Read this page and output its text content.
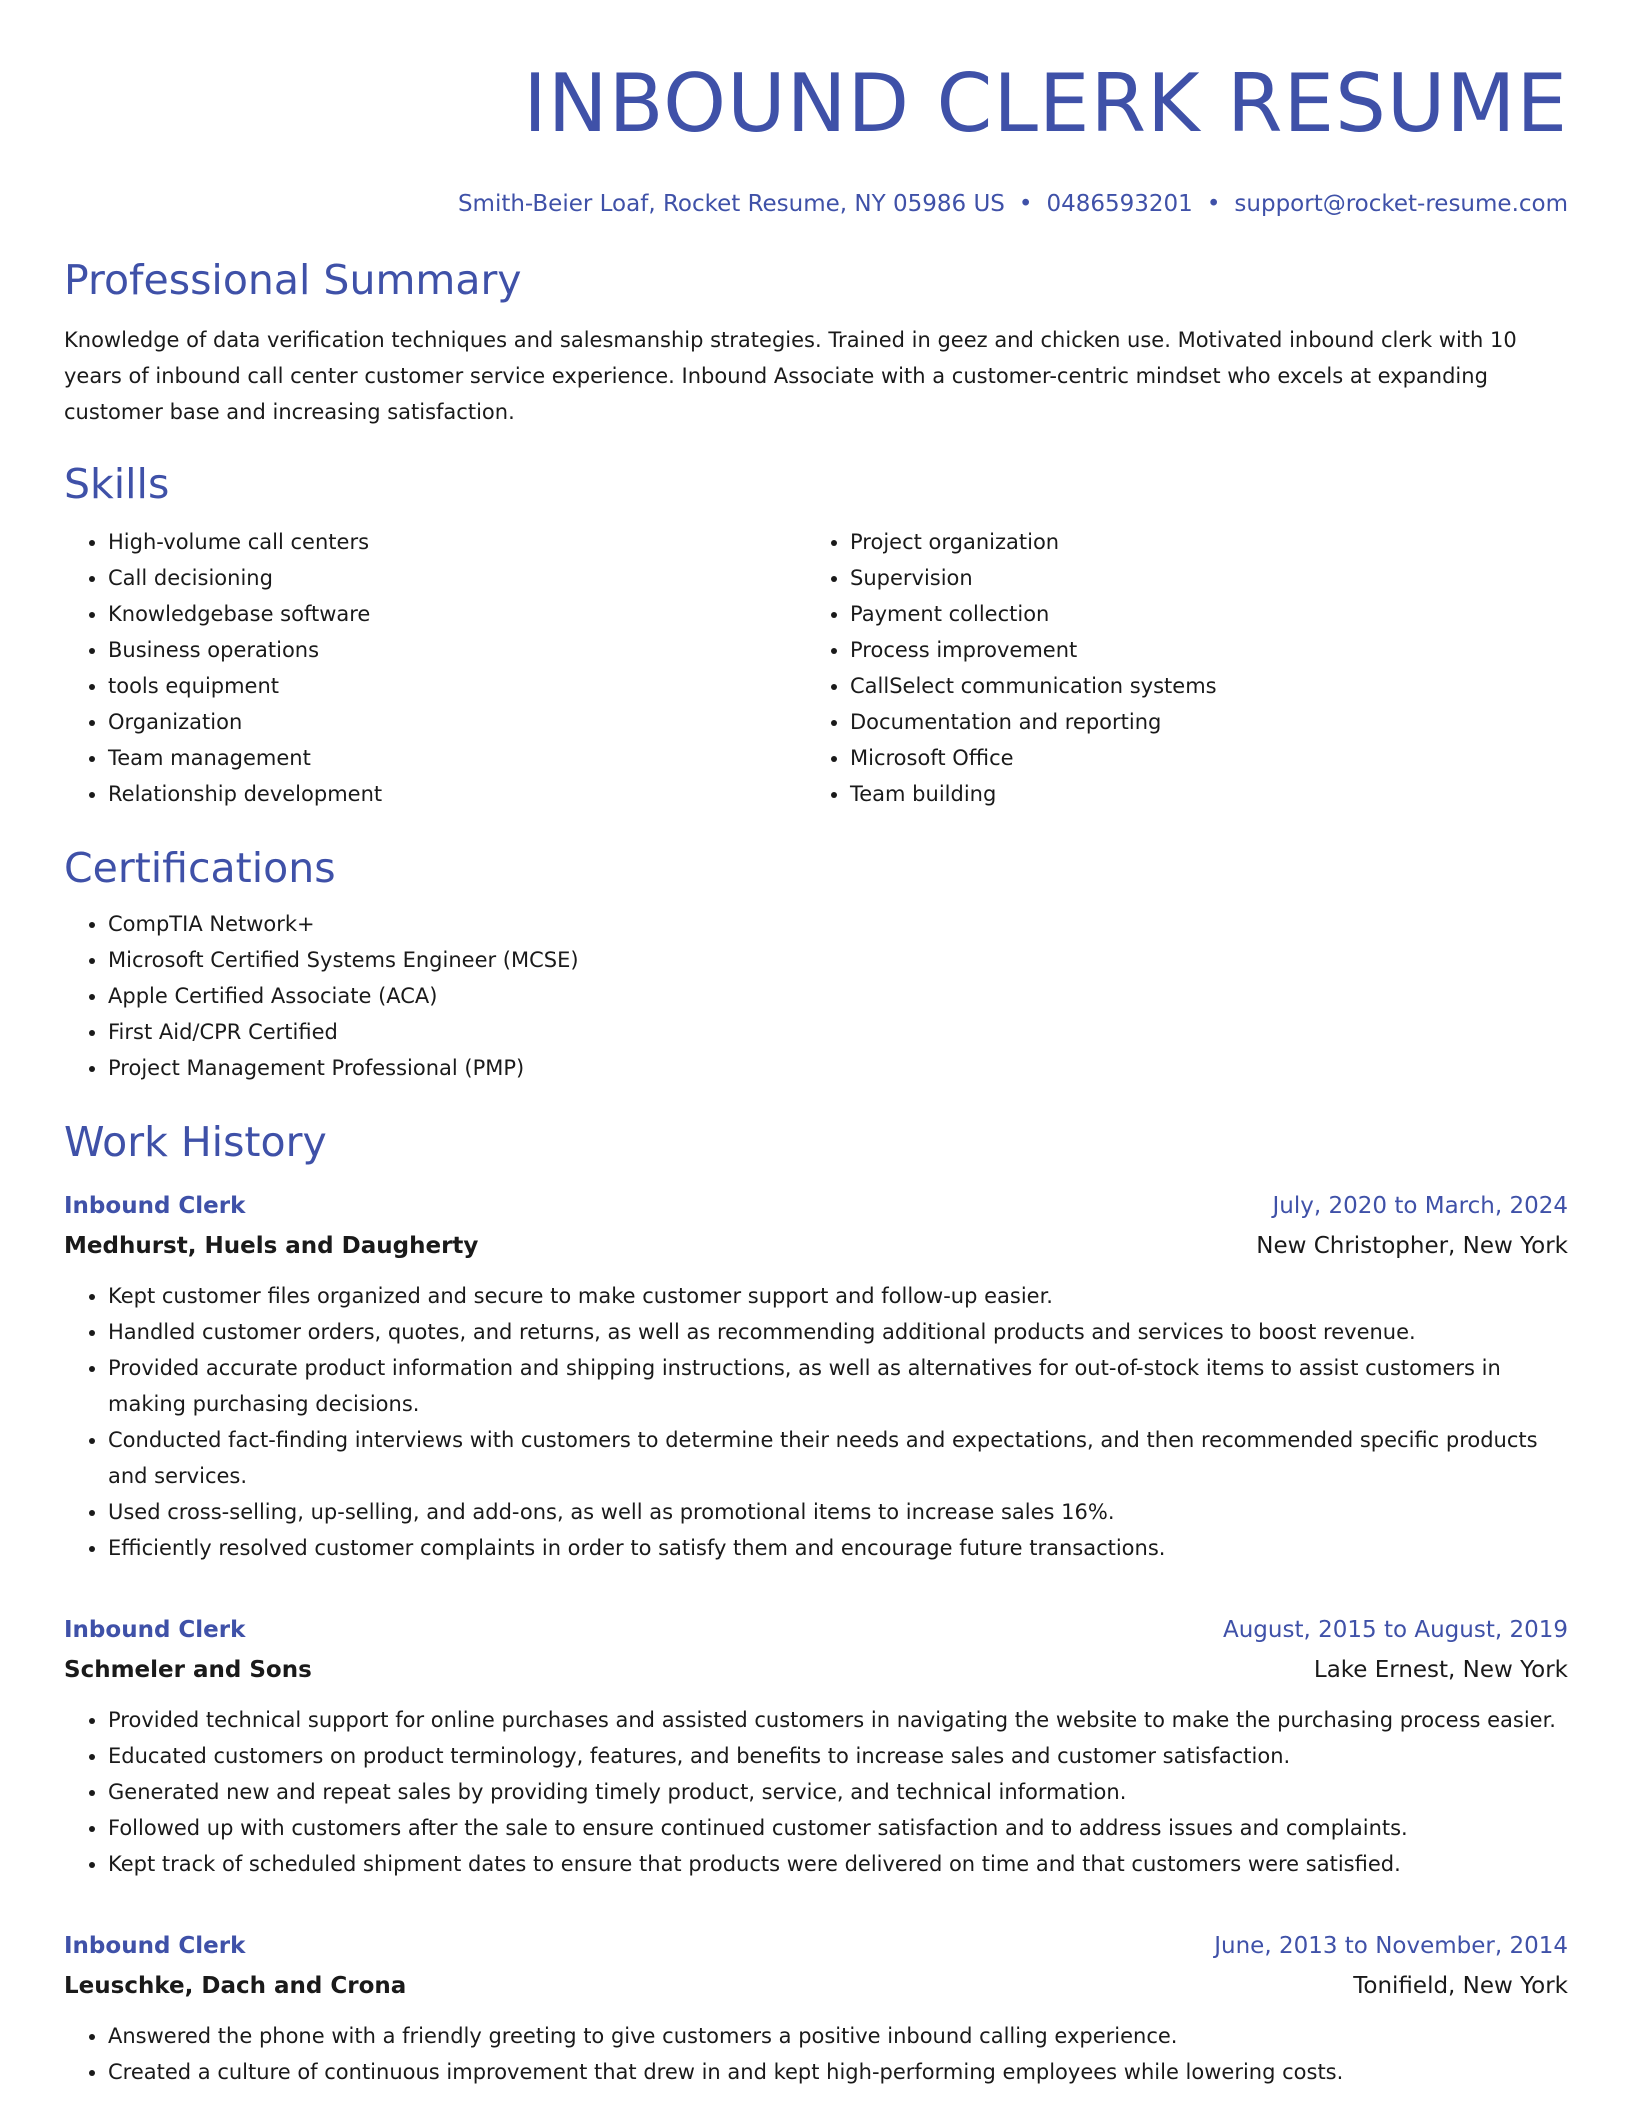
INBOUND CLERK RESUME
Smith-Beier Loaf, Rocket Resume, NY 05986 US • 0486593201 • support@rocket-resume.com
Professional Summary
Knowledge of data verification techniques and salesmanship strategies. Trained in geez and chicken use. Motivated inbound clerk with 10 years of inbound call center customer service experience. Inbound Associate with a customer-centric mindset who excels at expanding customer base and increasing satisfaction.
Skills
• High-volume call centers
• Call decisioning
• Knowledgebase software
• Business operations
• tools equipment
• Organization
• Team management
• Relationship development
• Project organization
• Supervision
• Payment collection
• Process improvement
• CallSelect communication systems
• Documentation and reporting
• Microsoft Office
• Team building
Certifications
• CompTIA Network+
• Microsoft Certified Systems Engineer (MCSE)
• Apple Certified Associate (ACA)
• First Aid/CPR Certified
• Project Management Professional (PMP)
Work History
Inbound Clerk	July, 2020 to March, 2024
Medhurst, Huels and Daugherty	New Christopher, New York
• Kept customer files organized and secure to make customer support and follow-up easier.
• Handled customer orders, quotes, and returns, as well as recommending additional products and services to boost revenue.
• Provided accurate product information and shipping instructions, as well as alternatives for out-of-stock items to assist customers in making purchasing decisions.
• Conducted fact-finding interviews with customers to determine their needs and expectations, and then recommended specific products and services.
• Used cross-selling, up-selling, and add-ons, as well as promotional items to increase sales 16%.
• Efficiently resolved customer complaints in order to satisfy them and encourage future transactions.
Inbound Clerk	August, 2015 to August, 2019
Schmeler and Sons	Lake Ernest, New York
• Provided technical support for online purchases and assisted customers in navigating the website to make the purchasing process easier.
• Educated customers on product terminology, features, and benefits to increase sales and customer satisfaction.
• Generated new and repeat sales by providing timely product, service, and technical information.
• Followed up with customers after the sale to ensure continued customer satisfaction and to address issues and complaints.
• Kept track of scheduled shipment dates to ensure that products were delivered on time and that customers were satisfied.
Inbound Clerk	June, 2013 to November, 2014
Leuschke, Dach and Crona	Tonifield, New York
• Answered the phone with a friendly greeting to give customers a positive inbound calling experience.
• Created a culture of continuous improvement that drew in and kept high-performing employees while lowering costs.
